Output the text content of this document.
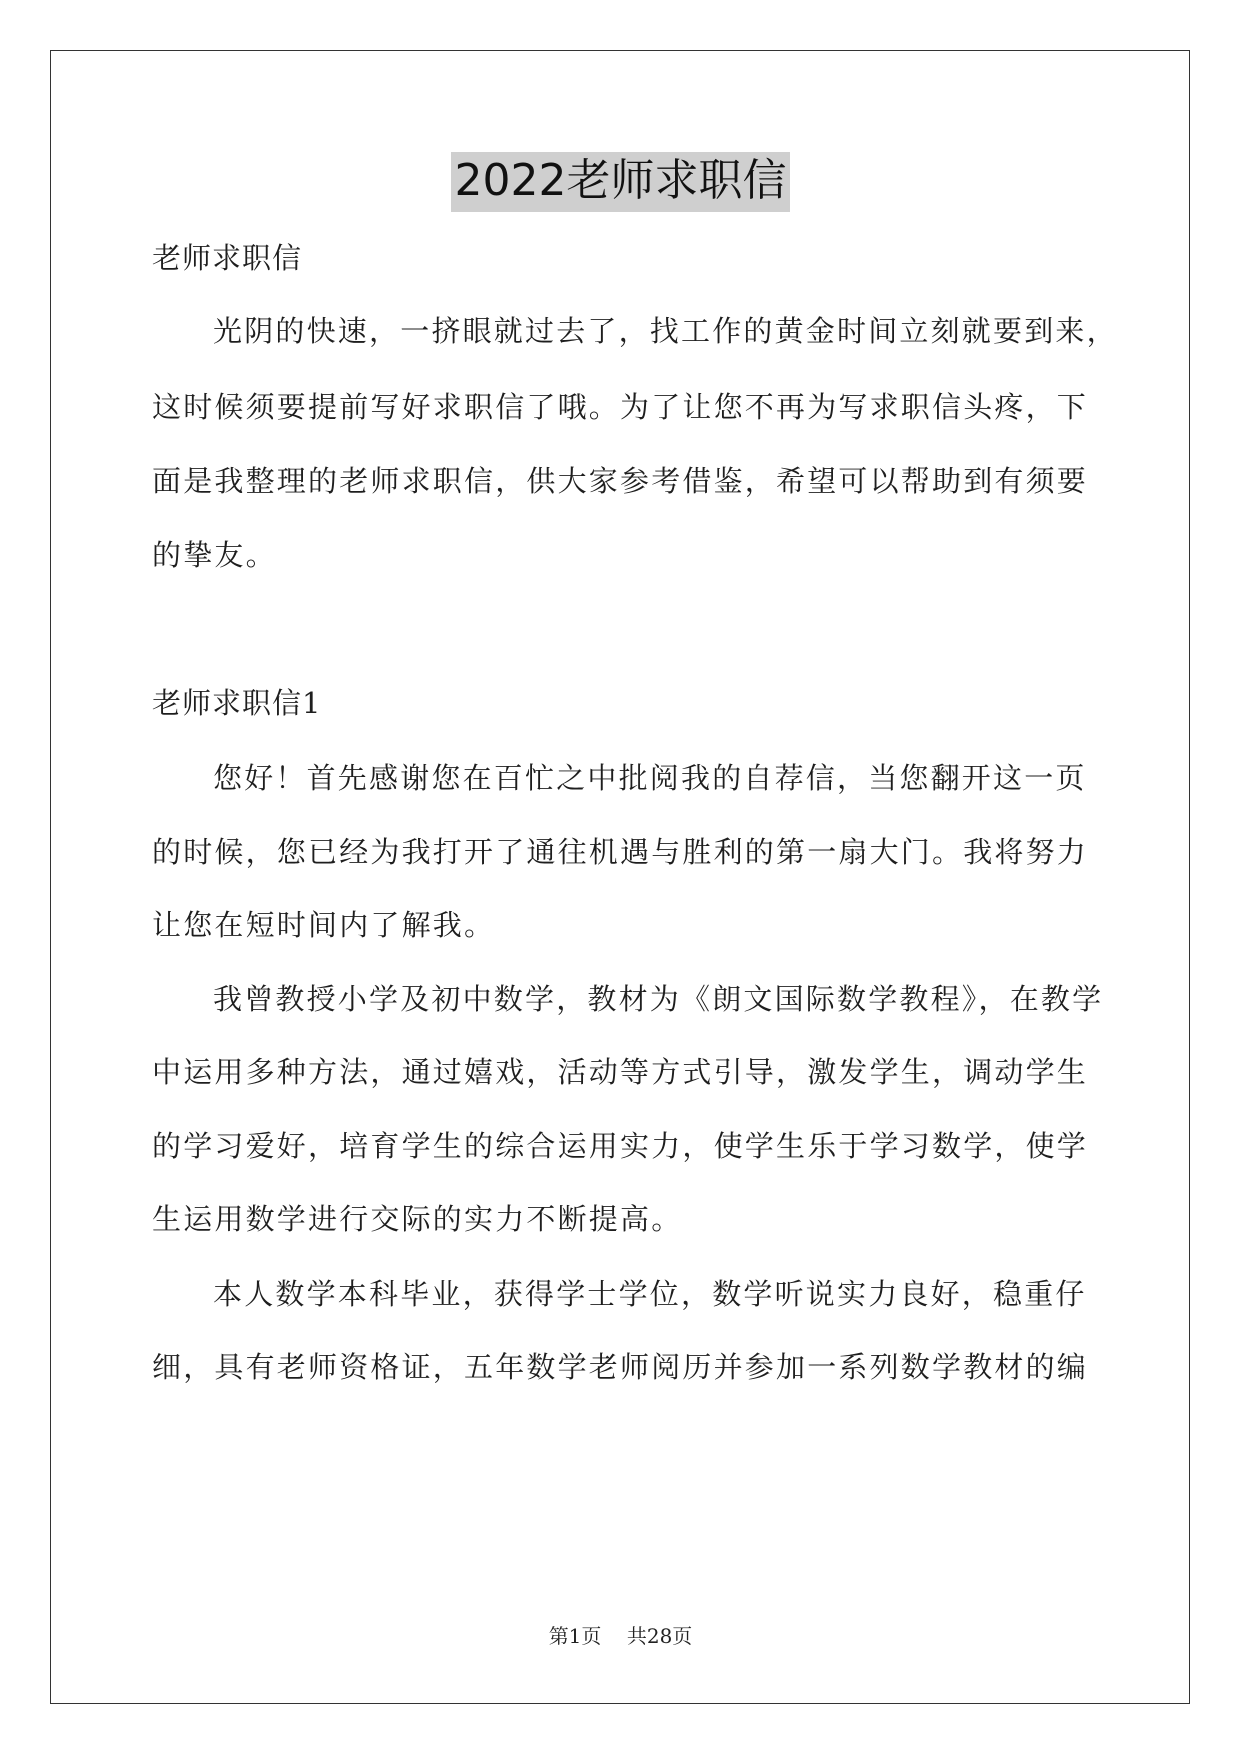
2022老师求职信
老师求职信
光阴的快速，一挤眼就过去了，找工作的黄金时间立刻就要到来，
这时候须要提前写好求职信了哦。为了让您不再为写求职信头疼，下
面是我整理的老师求职信，供大家参考借鉴，希望可以帮助到有须要
的挚友。
老师求职信1
您好！首先感谢您在百忙之中批阅我的自荐信，当您翻开这一页
的时候，您已经为我打开了通往机遇与胜利的第一扇大门。我将努力
让您在短时间内了解我。
我曾教授小学及初中数学，教材为《朗文国际数学教程》，在教学
中运用多种方法，通过嬉戏，活动等方式引导，激发学生，调动学生
的学习爱好，培育学生的综合运用实力，使学生乐于学习数学，使学
生运用数学进行交际的实力不断提高。
本人数学本科毕业，获得学士学位，数学听说实力良好，稳重仔
细，具有老师资格证，五年数学老师阅历并参加一系列数学教材的编
第1页    共28页
